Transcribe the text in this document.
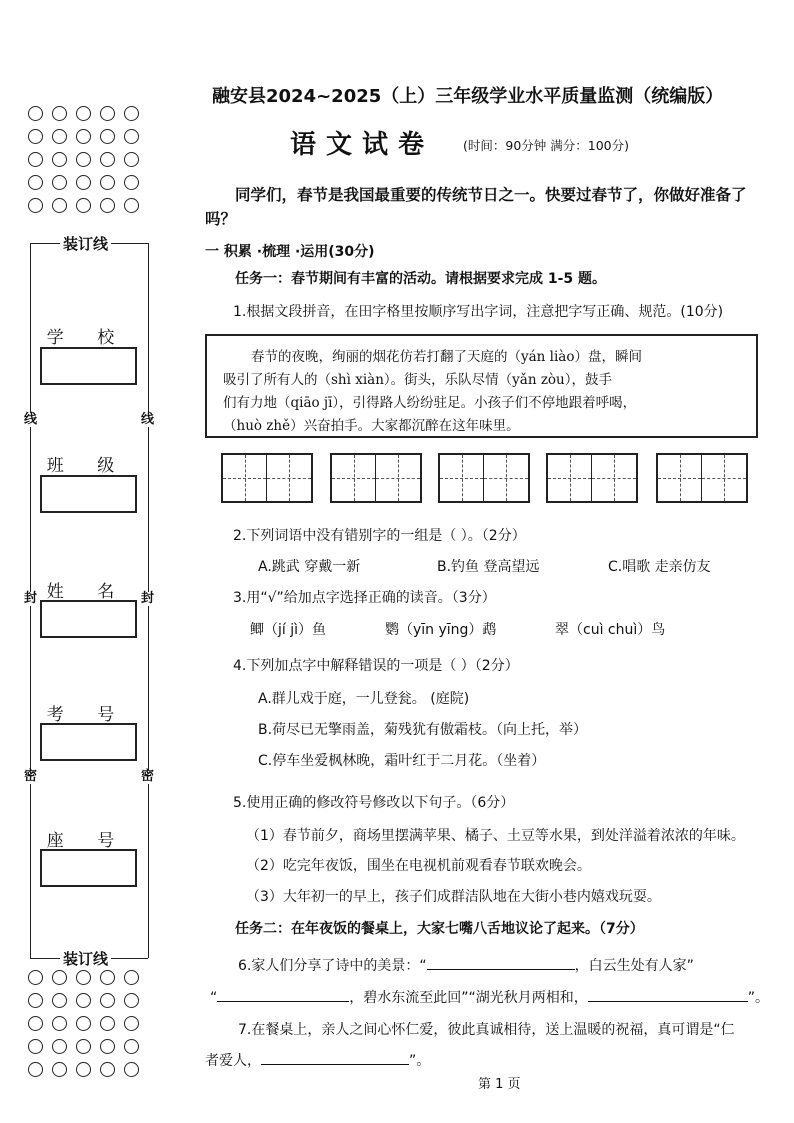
装订线
装订线
线	线
封	封
密	密
学 校
班 级
姓 名
考 号
座 号
融安县2024~2025（上）三年级学业水平质量监测（统编版）
语文试卷 (时间：90分钟 满分：100分)
同学们，春节是我国最重要的传统节日之一。快要过春节了，你做好准备了吗？
一 积累 ·梳理 ·运用(30分)
任务一：春节期间有丰富的活动。请根据要求完成 1-5 题。
1.根据文段拼音，在田字格里按顺序写出字词，注意把字写正确、规范。(10分)

春节的夜晚，绚丽的烟花仿若打翻了天庭的（yán liào）盘，瞬间

吸引了所有人的（shì xiàn）。街头，乐队尽情（yǎn zòu），鼓手

们有力地（qiāo jī），引得路人纷纷驻足。小孩子们不停地跟着呼喝，

（huò zhě）兴奋拍手。大家都沉醉在这年味里。

2.下列词语中没有错别字的一组是（ ）。（2分）
A.跳武 穿戴一新	B.钓鱼 登高望远	C.唱歌 走亲仿友
3.用“√”给加点字选择正确的读音。（3分）
鲫（jí jì）鱼	鹦（yīn yīng）鹉	翠（cuì chuì）鸟
4.下列加点字中解释错误的一项是（ ）（2分）
A.群儿戏于庭，一儿登瓮。 (庭院)
B.荷尽已无擎雨盖，菊残犹有傲霜枝。（向上托，举）
C.停车坐爱枫林晚，霜叶红于二月花。（坐着）
5.使用正确的修改符号修改以下句子。（6分）
（1）春节前夕，商场里摆满苹果、橘子、土豆等水果，到处洋溢着浓浓的年味。
（2）吃完年夜饭，围坐在电视机前观看春节联欢晚会。
（3）大年初一的早上，孩子们成群洁队地在大街小巷内嬉戏玩耍。
任务二：在年夜饭的餐桌上，大家七嘴八舌地议论了起来。（7分）
6.家人们分享了诗中的美景：“	，白云生处有人家”
“	，碧水东流至此回”“湖光秋月两相和，	”。
7.在餐桌上，亲人之间心怀仁爱，彼此真诚相待，送上温暖的祝福，真可谓是“仁
者爱人，	”。
第 1 页
